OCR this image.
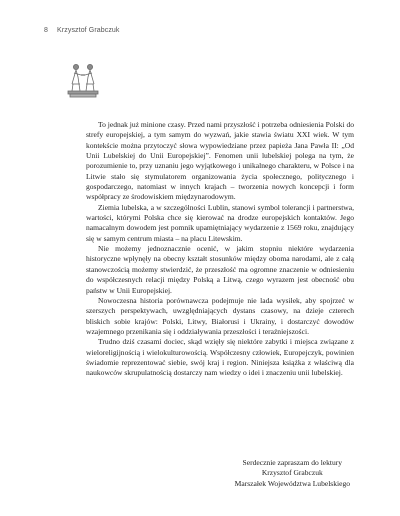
8 Krzysztof Grabczuk

To jednak już minione czasy. Przed nami przyszłość i potrzeba odniesienia Polski do strefy europejskiej, a tym samym do wyzwań, jakie stawia światu XXI wiek. W tym kontekście można przytoczyć słowa wypowiedziane przez papieża Jana Pawła II: „Od Unii Lubelskiej do Unii Europejskiej”. Fenomen unii lubelskiej polega na tym, że porozumienie to, przy uznaniu jego wyjątkowego i unikalnego charakteru, w Polsce i na Litwie stało się stymulatorem organizowania życia społecznego, politycznego i gospodarczego, natomiast w innych krajach – tworzenia nowych koncepcji i form współpracy ze środowiskiem międzynarodowym.

Ziemia lubelska, a w szczególności Lublin, stanowi symbol tolerancji i partnerstwa, wartości, którymi Polska chce się kierować na drodze europejskich kontaktów. Jego namacalnym dowodem jest pomnik upamiętniający wydarzenie z 1569 roku, znajdujący się w samym centrum miasta – na placu Litewskim.

Nie możemy jednoznacznie ocenić, w jakim stopniu niektóre wydarzenia historyczne wpłynęły na obecny kształt stosunków między oboma narodami, ale z całą stanowczością możemy stwierdzić, że przeszłość ma ogromne znaczenie w odniesieniu do współczesnych relacji między Polską a Litwą, czego wyrazem jest obecność obu państw w Unii Europejskiej.

Nowoczesna historia porównawcza podejmuje nie lada wysiłek, aby spojrzeć w szerszych perspektywach, uwzględniających dystans czasowy, na dzieje czterech bliskich sobie krajów: Polski, Litwy, Białorusi i Ukrainy, i dostarczyć dowodów wzajemnego przenikania się i oddziaływania przeszłości i teraźniejszości.

Trudno dziś czasami dociec, skąd wzięły się niektóre zabytki i miejsca związane z wieloreligijnością i wielokulturowością. Współczesny człowiek, Europejczyk, powinien świadomie reprezentować siebie, swój kraj i region. Niniejsza książka z właściwą dla naukowców skrupulatnością dostarczy nam wiedzy o idei i znaczeniu unii lubelskiej.

Serdecznie zapraszam do lektury
Krzysztof Grabczuk
Marszałek Województwa Lubelskiego
